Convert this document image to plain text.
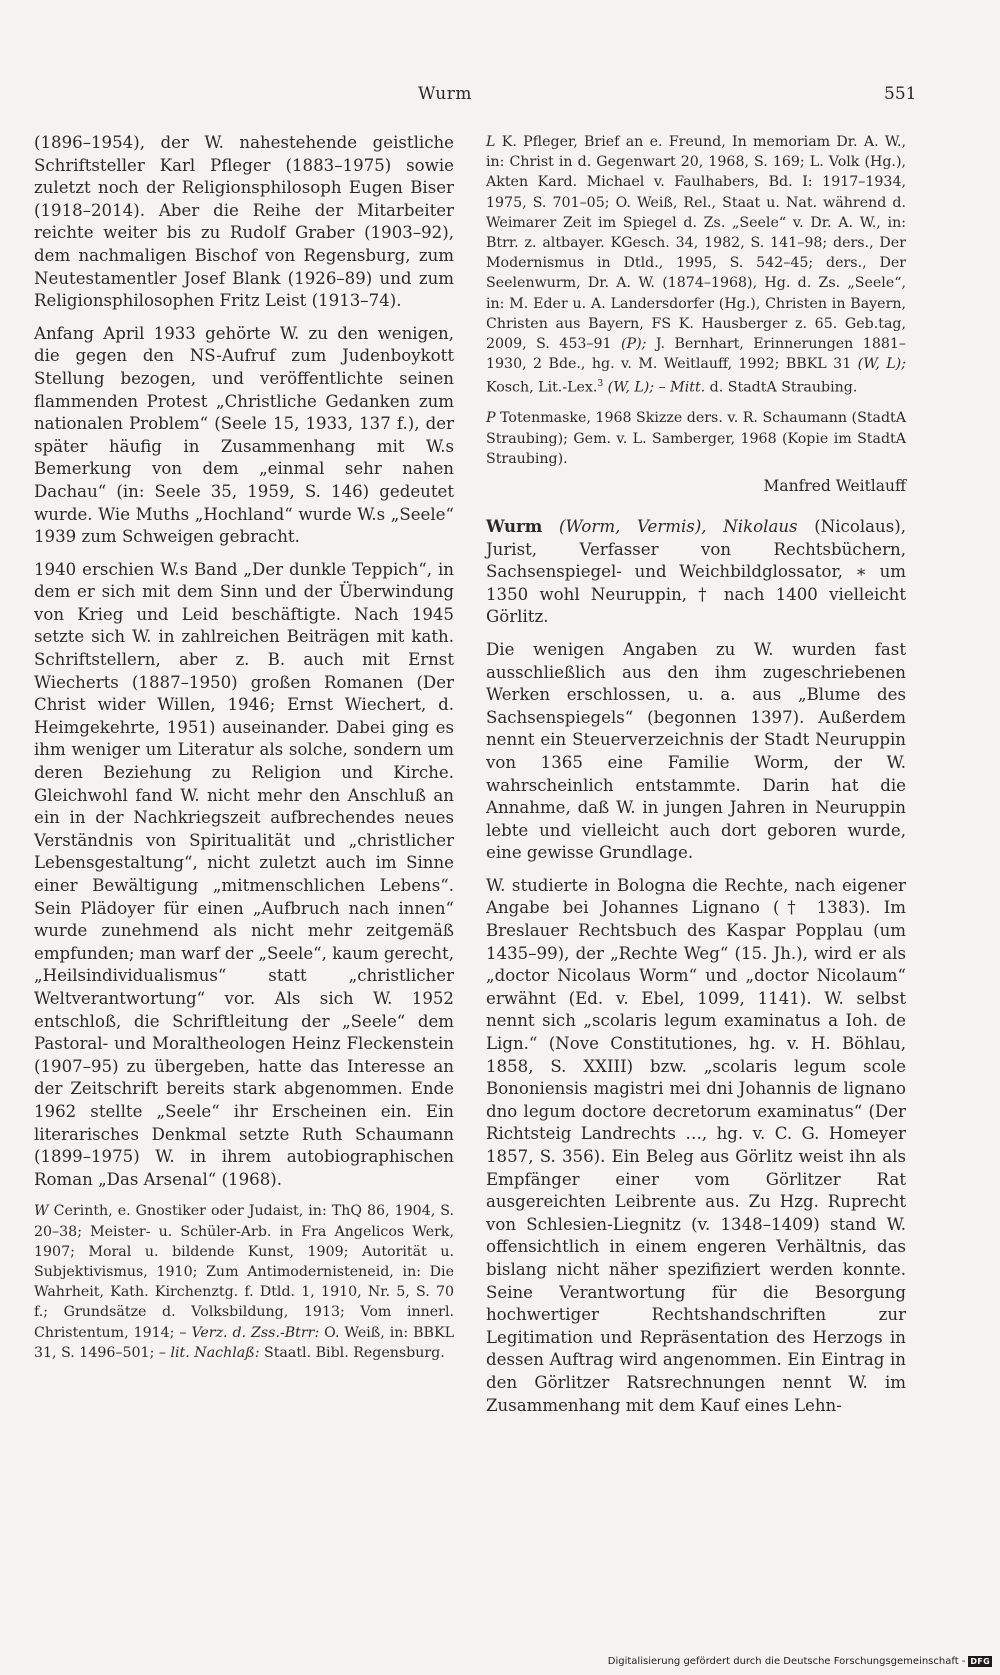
Wurm	551

(1896–1954), der W. nahestehende geistliche Schriftsteller Karl Pfleger (1883–1975) sowie zuletzt noch der Religionsphilosoph Eugen Biser (1918–2014). Aber die Reihe der Mitarbeiter reichte weiter bis zu Rudolf Graber (1903–92), dem nachmaligen Bischof von Regensburg, zum Neutestamentler Josef Blank (1926–89) und zum Religionsphilosophen Fritz Leist (1913–74).

Anfang April 1933 gehörte W. zu den wenigen, die gegen den NS-Aufruf zum Judenboykott Stellung bezogen, und veröffentlichte seinen flammenden Protest „Christliche Gedanken zum nationalen Problem“ (Seele 15, 1933, 137 f.), der später häufig in Zusammenhang mit W.s Bemerkung von dem „einmal sehr nahen Dachau“ (in: Seele 35, 1959, S. 146) gedeutet wurde. Wie Muths „Hochland“ wurde W.s „Seele“ 1939 zum Schweigen gebracht.

1940 erschien W.s Band „Der dunkle Teppich“, in dem er sich mit dem Sinn und der Überwindung von Krieg und Leid beschäftigte. Nach 1945 setzte sich W. in zahlreichen Beiträgen mit kath. Schriftstellern, aber z. B. auch mit Ernst Wiecherts (1887–1950) großen Romanen (Der Christ wider Willen, 1946; Ernst Wiechert, d. Heimgekehrte, 1951) auseinander. Dabei ging es ihm weniger um Literatur als solche, sondern um deren Beziehung zu Religion und Kirche. Gleichwohl fand W. nicht mehr den Anschluß an ein in der Nachkriegszeit aufbrechendes neues Verständnis von Spiritualität und „christlicher Lebensgestaltung“, nicht zuletzt auch im Sinne einer Bewältigung „mitmenschlichen Lebens“. Sein Plädoyer für einen „Aufbruch nach innen“ wurde zunehmend als nicht mehr zeitgemäß empfunden; man warf der „Seele“, kaum gerecht, „Heilsindividualismus“ statt „christlicher Weltverantwortung“ vor. Als sich W. 1952 entschloß, die Schriftleitung der „Seele“ dem Pastoral- und Moraltheologen Heinz Fleckenstein (1907–95) zu übergeben, hatte das Interesse an der Zeitschrift bereits stark abgenommen. Ende 1962 stellte „Seele“ ihr Erscheinen ein. Ein literarisches Denkmal setzte Ruth Schaumann (1899–1975) W. in ihrem autobiographischen Roman „Das Arsenal“ (1968).

W Cerinth, e. Gnostiker oder Judaist, in: ThQ 86, 1904, S. 20–38; Meister- u. Schüler-Arb. in Fra Angelicos Werk, 1907; Moral u. bildende Kunst, 1909; Autorität u. Subjektivismus, 1910; Zum Antimodernisteneid, in: Die Wahrheit, Kath. Kirchenztg. f. Dtld. 1, 1910, Nr. 5, S. 70 f.; Grundsätze d. Volksbildung, 1913; Vom innerl. Christentum, 1914; – Verz. d. Zss.-Btrr: O. Weiß, in: BBKL 31, S. 1496–501; – lit. Nachlaß: Staatl. Bibl. Regensburg.

L K. Pfleger, Brief an e. Freund, In memoriam Dr. A. W., in: Christ in d. Gegenwart 20, 1968, S. 169; L. Volk (Hg.), Akten Kard. Michael v. Faulhabers, Bd. I: 1917–1934, 1975, S. 701–05; O. Weiß, Rel., Staat u. Nat. während d. Weimarer Zeit im Spiegel d. Zs. „Seele“ v. Dr. A. W., in: Btrr. z. altbayer. KGesch. 34, 1982, S. 141–98; ders., Der Modernismus in Dtld., 1995, S. 542–45; ders., Der Seelenwurm, Dr. A. W. (1874–1968), Hg. d. Zs. „Seele“, in: M. Eder u. A. Landersdorfer (Hg.), Christen in Bayern, Christen aus Bayern, FS K. Hausberger z. 65. Geb.tag, 2009, S. 453–91 (P); J. Bernhart, Erinnerungen 1881–1930, 2 Bde., hg. v. M. Weitlauff, 1992; BBKL 31 (W, L); Kosch, Lit.-Lex.$^3$ (W, L); – Mitt. d. StadtA Straubing.

P Totenmaske, 1968 Skizze ders. v. R. Schaumann (StadtA Straubing); Gem. v. L. Samberger, 1968 (Kopie im StadtA Straubing).

Manfred Weitlauff

Wurm (Worm, Vermis), Nikolaus (Nicolaus), Jurist, Verfasser von Rechtsbüchern, Sachsenspiegel- und Weichbildglossator, ∗ um 1350 wohl Neuruppin, † nach 1400 vielleicht Görlitz.

Die wenigen Angaben zu W. wurden fast ausschließlich aus den ihm zugeschriebenen Werken erschlossen, u. a. aus „Blume des Sachsenspiegels“ (begonnen 1397). Außerdem nennt ein Steuerverzeichnis der Stadt Neuruppin von 1365 eine Familie Worm, der W. wahrscheinlich entstammte. Darin hat die Annahme, daß W. in jungen Jahren in Neuruppin lebte und vielleicht auch dort geboren wurde, eine gewisse Grundlage.

W. studierte in Bologna die Rechte, nach eigener Angabe bei Johannes Lignano († 1383). Im Breslauer Rechtsbuch des Kaspar Popplau (um 1435–99), der „Rechte Weg“ (15. Jh.), wird er als „doctor Nicolaus Worm“ und „doctor Nicolaum“ erwähnt (Ed. v. Ebel, 1099, 1141). W. selbst nennt sich „scolaris legum examinatus a Ioh. de Lign.“ (Nove Constitutiones, hg. v. H. Böhlau, 1858, S. XXIII) bzw. „scolaris legum scole Bononiensis magistri mei dni Johannis de lignano dno legum doctore decretorum examinatus“ (Der Richtsteig Landrechts …, hg. v. C. G. Homeyer 1857, S. 356). Ein Beleg aus Görlitz weist ihn als Empfänger einer vom Görlitzer Rat ausgereichten Leibrente aus. Zu Hzg. Ruprecht von Schlesien-Liegnitz (v. 1348–1409) stand W. offensichtlich in einem engeren Verhältnis, das bislang nicht näher spezifiziert werden konnte. Seine Verantwortung für die Besorgung hochwertiger Rechtshandschriften zur Legitimation und Repräsentation des Herzogs in dessen Auftrag wird angenommen. Ein Eintrag in den Görlitzer Ratsrechnungen nennt W. im Zusammenhang mit dem Kauf eines Lehn-

Digitalisierung gefördert durch die Deutsche Forschungsgemeinschaft - DFG
